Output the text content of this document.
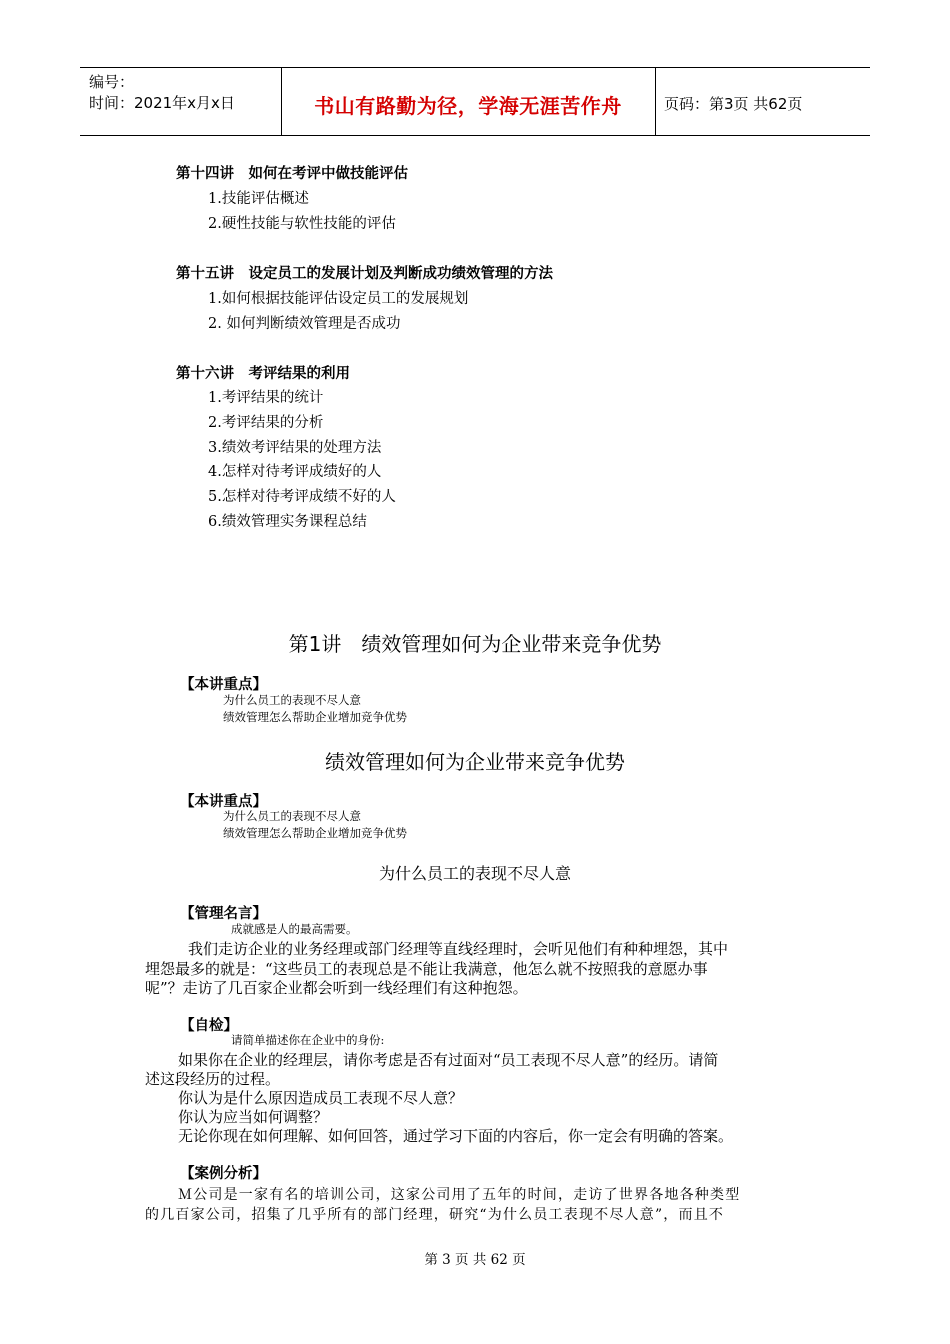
编号：
时间：2021年x月x日	书山有路勤为径，学海无涯苦作舟	页码：第3页 共62页
第十四讲　如何在考评中做技能评估
1.技能评估概述
2.硬性技能与软性技能的评估
第十五讲　设定员工的发展计划及判断成功绩效管理的方法
1.如何根据技能评估设定员工的发展规划
2. 如何判断绩效管理是否成功
第十六讲　考评结果的利用
1.考评结果的统计
2.考评结果的分析
3.绩效考评结果的处理方法
4.怎样对待考评成绩好的人
5.怎样对待考评成绩不好的人
6.绩效管理实务课程总结
第1讲　绩效管理如何为企业带来竞争优势
【本讲重点】
为什么员工的表现不尽人意
绩效管理怎么帮助企业增加竞争优势
绩效管理如何为企业带来竞争优势
【本讲重点】
为什么员工的表现不尽人意
绩效管理怎么帮助企业增加竞争优势
为什么员工的表现不尽人意
【管理名言】
成就感是人的最高需要。
我们走访企业的业务经理或部门经理等直线经理时，会听见他们有种种埋怨，其中
埋怨最多的就是：“这些员工的表现总是不能让我满意，他怎么就不按照我的意愿办事
呢”？走访了几百家企业都会听到一线经理们有这种抱怨。
【自检】
请简单描述你在企业中的身份:
如果你在企业的经理层，请你考虑是否有过面对“员工表现不尽人意”的经历。请简
述这段经历的过程。
你认为是什么原因造成员工表现不尽人意？
你认为应当如何调整？
无论你现在如何理解、如何回答，通过学习下面的内容后，你一定会有明确的答案。
【案例分析】
Ｍ公司是一家有名的培训公司，这家公司用了五年的时间，走访了世界各地各种类型
的几百家公司，招集了几乎所有的部门经理，研究“为什么员工表现不尽人意”，而且不
第 3 页 共 62 页
